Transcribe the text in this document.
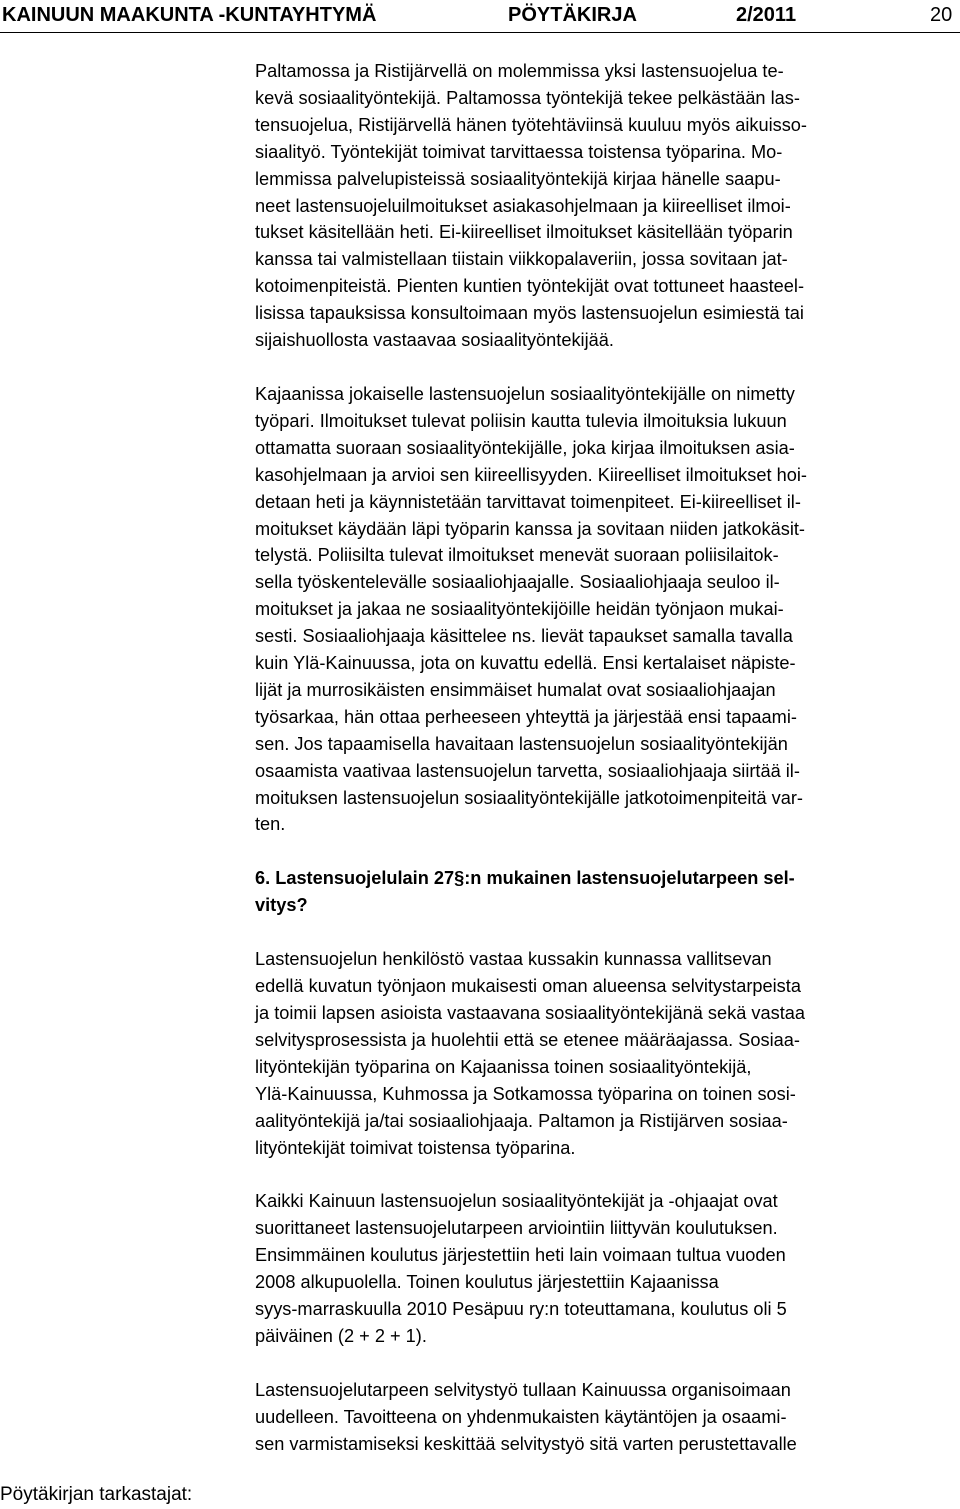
KAINUUN MAAKUNTA -KUNTAYHTYMÄ	PÖYTÄKIRJA	2/2011	20

Paltamossa ja Ristijärvellä on molemmissa yksi lastensuojelua te-
kevä sosiaalityöntekijä. Paltamossa työntekijä tekee pelkästään las-
tensuojelua, Ristijärvellä hänen työtehtäviinsä kuuluu myös aikuisso-
siaalityö. Työntekijät toimivat tarvittaessa toistensa työparina. Mo-
lemmissa palvelupisteissä sosiaalityöntekijä kirjaa hänelle saapu-
neet lastensuojeluilmoitukset asiakasohjelmaan ja kiireelliset ilmoi-
tukset käsitellään heti. Ei-kiireelliset ilmoitukset käsitellään työparin
kanssa tai valmistellaan tiistain viikkopalaveriin, jossa sovitaan jat-
kotoimenpiteistä. Pienten kuntien työntekijät ovat tottuneet haasteel-
lisissa tapauksissa konsultoimaan myös lastensuojelun esimiestä tai
sijaishuollosta vastaavaa sosiaalityöntekijää.

Kajaanissa jokaiselle lastensuojelun sosiaalityöntekijälle on nimetty
työpari. Ilmoitukset tulevat poliisin kautta tulevia ilmoituksia lukuun
ottamatta suoraan sosiaalityöntekijälle, joka kirjaa ilmoituksen asia-
kasohjelmaan ja arvioi sen kiireellisyyden. Kiireelliset ilmoitukset hoi-
detaan heti ja käynnistetään tarvittavat toimenpiteet. Ei-kiireelliset il-
moitukset käydään läpi työparin kanssa ja sovitaan niiden jatkokäsit-
telystä. Poliisilta tulevat ilmoitukset menevät suoraan poliisilaitok-
sella työskentelevälle sosiaaliohjaajalle. Sosiaaliohjaaja seuloo il-
moitukset ja jakaa ne sosiaalityöntekijöille heidän työnjaon mukai-
sesti. Sosiaaliohjaaja käsittelee ns. lievät tapaukset samalla tavalla
kuin Ylä-Kainuussa, jota on kuvattu edellä. Ensi kertalaiset näpiste-
lijät ja murrosikäisten ensimmäiset humalat ovat sosiaaliohjaajan
työsarkaa, hän ottaa perheeseen yhteyttä ja järjestää ensi tapaami-
sen. Jos tapaamisella havaitaan lastensuojelun sosiaalityöntekijän
osaamista vaativaa lastensuojelun tarvetta, sosiaaliohjaaja siirtää il-
moituksen lastensuojelun sosiaalityöntekijälle jatkotoimenpiteitä var-
ten.

6. Lastensuojelulain 27§:n mukainen lastensuojelutarpeen sel-
vitys?

Lastensuojelun henkilöstö vastaa kussakin kunnassa vallitsevan
edellä kuvatun työnjaon mukaisesti oman alueensa selvitystarpeista
ja toimii lapsen asioista vastaavana sosiaalityöntekijänä sekä vastaa
selvitysprosessista ja huolehtii että se etenee määräajassa. Sosiaa-
lityöntekijän työparina on Kajaanissa toinen sosiaalityöntekijä,
Ylä-Kainuussa, Kuhmossa ja Sotkamossa työparina on toinen sosi-
aalityöntekijä ja/tai sosiaaliohjaaja. Paltamon ja Ristijärven sosiaa-
lityöntekijät toimivat toistensa työparina.

Kaikki Kainuun lastensuojelun sosiaalityöntekijät ja -ohjaajat ovat
suorittaneet lastensuojelutarpeen arviointiin liittyvän koulutuksen.
Ensimmäinen koulutus järjestettiin heti lain voimaan tultua vuoden
2008 alkupuolella. Toinen koulutus järjestettiin Kajaanissa
syys-marraskuulla 2010 Pesäpuu ry:n toteuttamana, koulutus oli 5
päiväinen (2 + 2 + 1).

Lastensuojelutarpeen selvitystyö tullaan Kainuussa organisoimaan
uudelleen. Tavoitteena on yhdenmukaisten käytäntöjen ja osaami-
sen varmistamiseksi keskittää selvitystyö sitä varten perustettavalle

Pöytäkirjan tarkastajat:
